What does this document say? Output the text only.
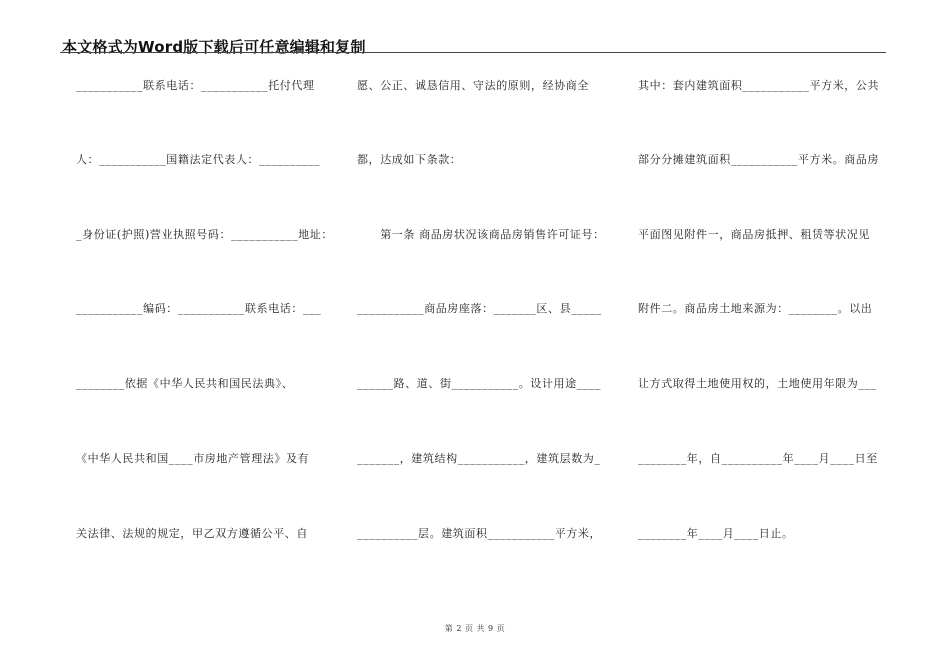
本文格式为Word版下载后可任意编辑和复制
___________联系电话：___________托付代理
人：___________国籍法定代表人：__________
_身份证(护照)营业执照号码：___________地址：
___________编码：___________联系电话：___
________依据《中华人民共和国民法典》、
《中华人民共和国____市房地产管理法》及有
关法律、法规的规定，甲乙双方遵循公平、自
愿、公正、诚恳信用、守法的原则，经协商全
都，达成如下条款：
　　第一条 商品房状况该商品房销售许可证号：
___________商品房座落：_______区、县_____
______路、道、街___________。设计用途____
_______，建筑结构___________，建筑层数为_
__________层。建筑面积___________平方米，
其中：套内建筑面积___________平方米，公共
部分分摊建筑面积___________平方米。商品房
平面图见附件一，商品房抵押、租赁等状况见
附件二。商品房土地来源为：________。以出
让方式取得土地使用权的，土地使用年限为___
________年，自__________年____月____日至
________年____月____日止。
第 2 页 共 9 页
